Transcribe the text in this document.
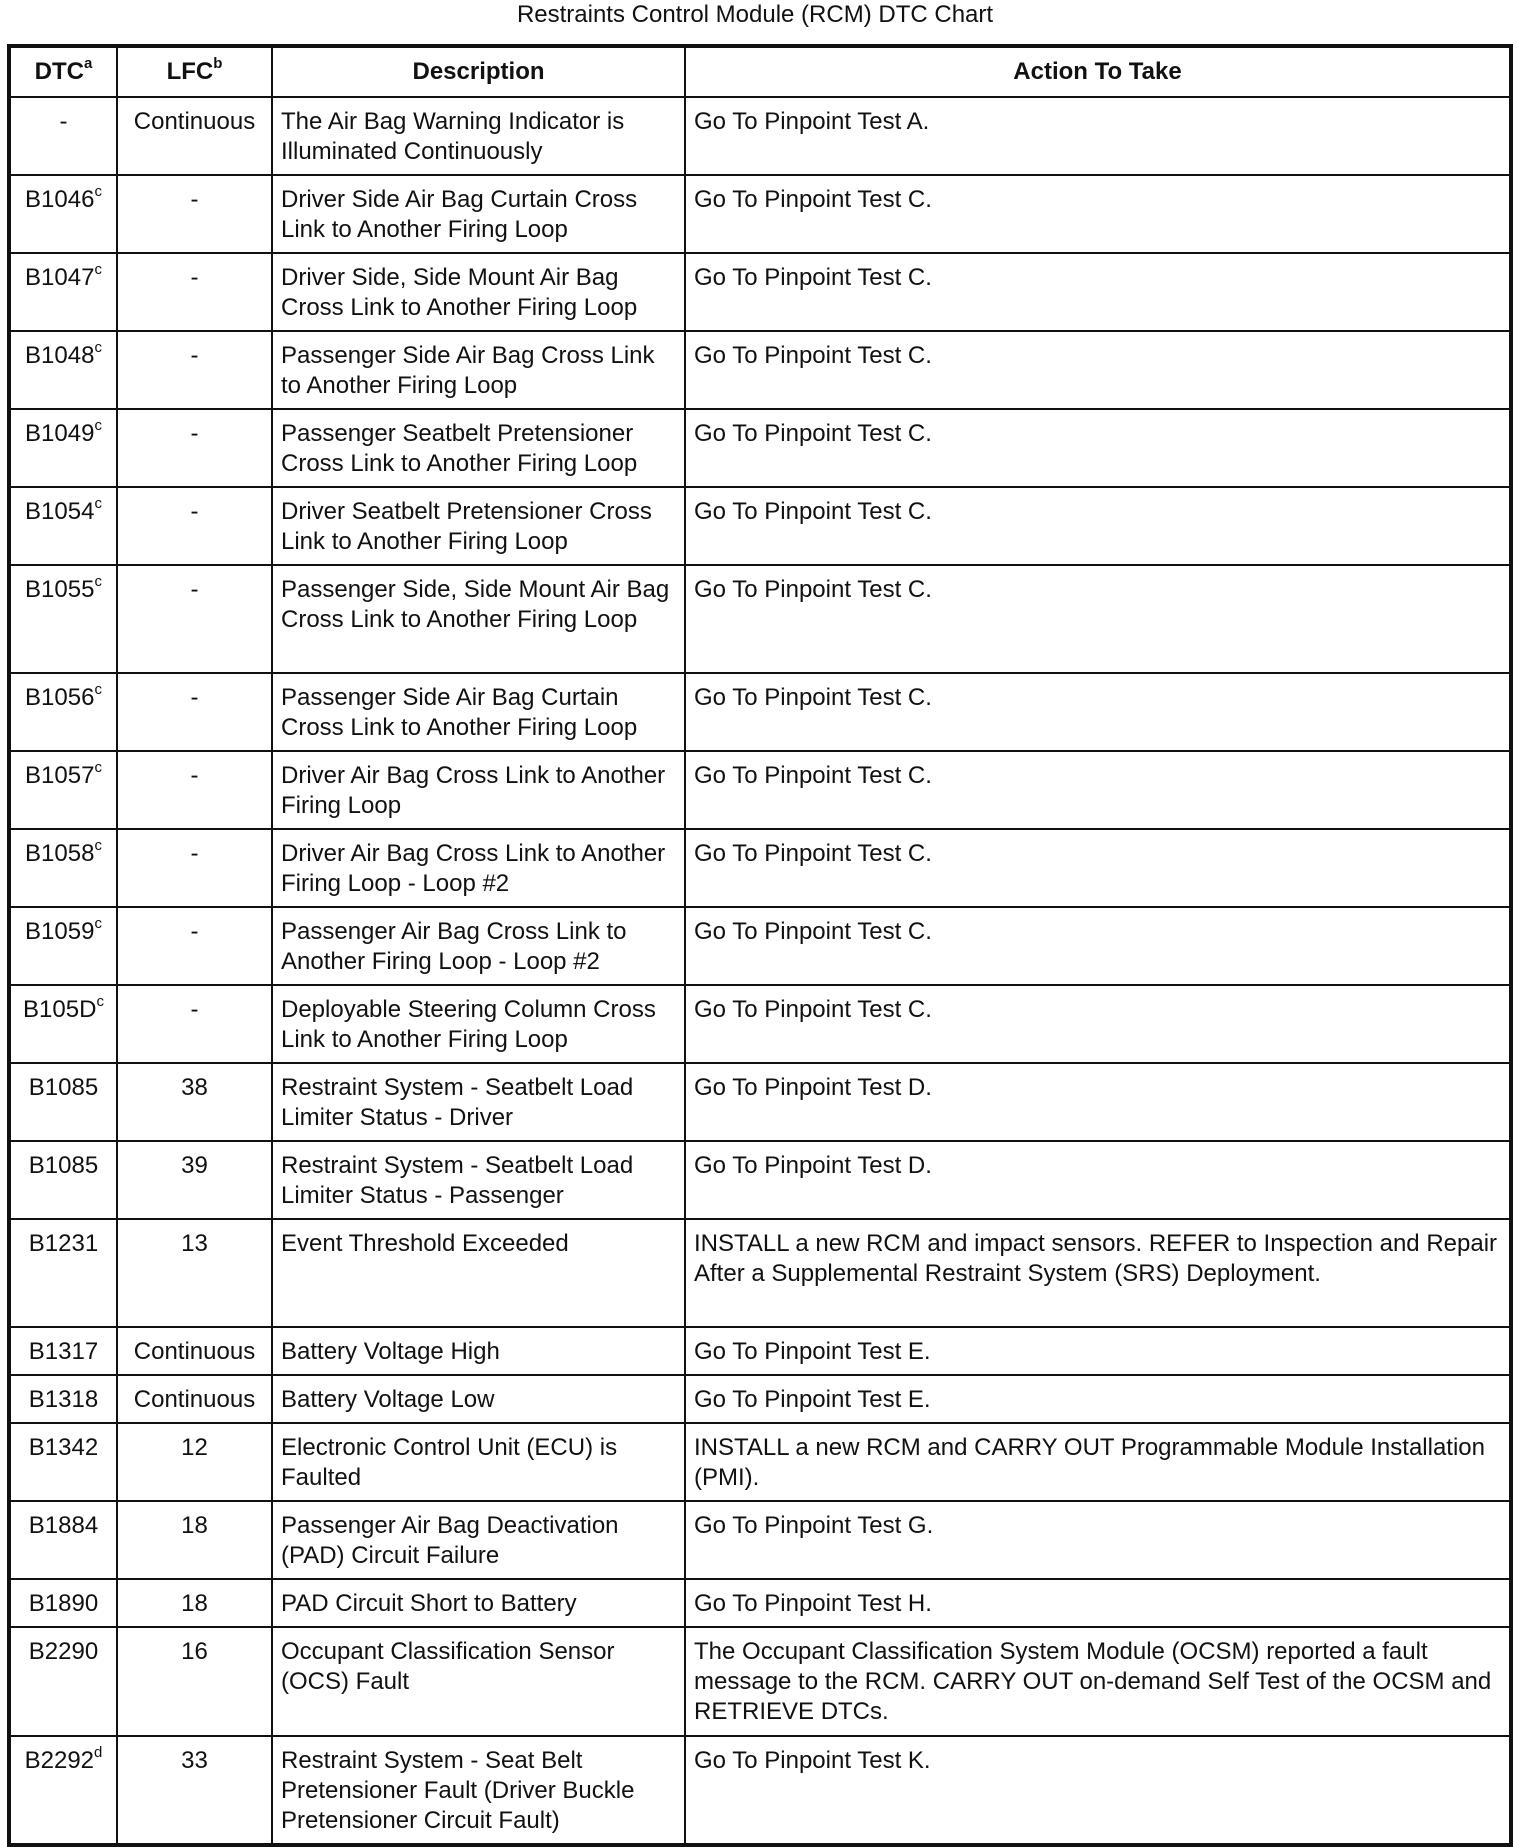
Restraints Control Module (RCM) DTC Chart
DTC$^a$	LFC$^b$	Description	Action To Take
-	Continuous	The Air Bag Warning Indicator is Illuminated Continuously	Go To Pinpoint Test A.
B1046$^c$	-	Driver Side Air Bag Curtain Cross Link to Another Firing Loop	Go To Pinpoint Test C.
B1047$^c$	-	Driver Side, Side Mount Air Bag Cross Link to Another Firing Loop	Go To Pinpoint Test C.
B1048$^c$	-	Passenger Side Air Bag Cross Link to Another Firing Loop	Go To Pinpoint Test C.
B1049$^c$	-	Passenger Seatbelt Pretensioner Cross Link to Another Firing Loop	Go To Pinpoint Test C.
B1054$^c$	-	Driver Seatbelt Pretensioner Cross Link to Another Firing Loop	Go To Pinpoint Test C.
B1055$^c$	-	Passenger Side, Side Mount Air Bag Cross Link to Another Firing Loop	Go To Pinpoint Test C.
B1056$^c$	-	Passenger Side Air Bag Curtain Cross Link to Another Firing Loop	Go To Pinpoint Test C.
B1057$^c$	-	Driver Air Bag Cross Link to Another Firing Loop	Go To Pinpoint Test C.
B1058$^c$	-	Driver Air Bag Cross Link to Another Firing Loop - Loop #2	Go To Pinpoint Test C.
B1059$^c$	-	Passenger Air Bag Cross Link to Another Firing Loop - Loop #2	Go To Pinpoint Test C.
$B105D^c$	-	Deployable Steering Column Cross Link to Another Firing Loop	Go To Pinpoint Test C.
B1085	38	Restraint System - Seatbelt Load Limiter Status - Driver	Go To Pinpoint Test D.
B1085	39	Restraint System - Seatbelt Load Limiter Status - Passenger	Go To Pinpoint Test D.
B1231	13	Event Threshold Exceeded	INSTALL a new RCM and impact sensors. REFER to Inspection and Repair After a Supplemental Restraint System (SRS) Deployment.
B1317	Continuous	Battery Voltage High	Go To Pinpoint Test E.
B1318	Continuous	Battery Voltage Low	Go To Pinpoint Test E.
B1342	12	Electronic Control Unit (ECU) is Faulted	INSTALL a new RCM and CARRY OUT Programmable Module Installation (PMI).
B1884	18	Passenger Air Bag Deactivation (PAD) Circuit Failure	Go To Pinpoint Test G.
B1890	18	PAD Circuit Short to Battery	Go To Pinpoint Test H.
B2290	16	Occupant Classification Sensor (OCS) Fault	The Occupant Classification System Module (OCSM) reported a fault message to the RCM. CARRY OUT on-demand Self Test of the OCSM and RETRIEVE DTCs.
B2292$^d$	33	Restraint System - Seat Belt Pretensioner Fault (Driver Buckle Pretensioner Circuit Fault)	Go To Pinpoint Test K.
